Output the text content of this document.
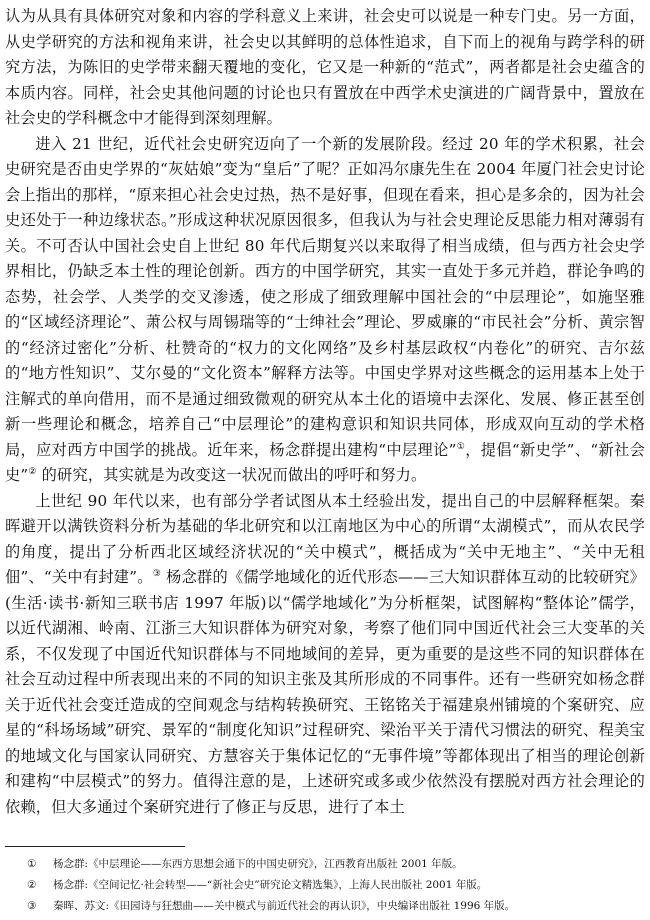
认为从具有具体研究对象和内容的学科意义上来讲，社会史可以说是一种专门史。另一方面，从史学研究的方法和视角来讲，社会史以其鲜明的总体性追求，自下而上的视角与跨学科的研究方法，为陈旧的史学带来翻天覆地的变化，它又是一种新的“范式”，两者都是社会史蕴含的本质内容。同样，社会史其他问题的讨论也只有置放在中西学术史演进的广阔背景中，置放在社会史的学科概念中才能得到深刻理解。

进入 21 世纪，近代社会史研究迈向了一个新的发展阶段。经过 20 年的学术积累，社会史研究是否由史学界的“灰姑娘”变为“皇后”了呢？正如冯尔康先生在 2004 年厦门社会史讨论会上指出的那样，“原来担心社会史过热，热不是好事，但现在看来，担心是多余的，因为社会史还处于一种边缘状态。”形成这种状况原因很多，但我认为与社会史理论反思能力相对薄弱有关。不可否认中国社会史自上世纪 80 年代后期复兴以来取得了相当成绩，但与西方社会史学界相比，仍缺乏本土性的理论创新。西方的中国学研究，其实一直处于多元并趋，群论争鸣的态势，社会学、人类学的交叉渗透，使之形成了细致理解中国社会的“中层理论”，如施坚雅的“区域经济理论”、萧公权与周锡瑞等的“士绅社会”理论、罗威廉的“市民社会”分析、黄宗智的“经济过密化”分析、杜赞奇的“权力的文化网络”及乡村基层政权“内卷化”的研究、吉尔兹的“地方性知识”、艾尔曼的“文化资本”解释方法等。中国史学界对这些概念的运用基本上处于注解式的单向借用，而不是通过细致微观的研究从本土化的语境中去深化、发展、修正甚至创新一些理论和概念，培养自己“中层理论”的建构意识和知识共同体，形成双向互动的学术格局，应对西方中国学的挑战。近年来，杨念群提出建构“中层理论”①，提倡“新史学”、“新社会史”② 的研究，其实就是为改变这一状况而做出的呼吁和努力。

上世纪 90 年代以来，也有部分学者试图从本土经验出发，提出自己的中层解释框架。秦晖避开以满铁资料分析为基础的华北研究和以江南地区为中心的所谓“太湖模式”，而从农民学的角度，提出了分析西北区域经济状况的“关中模式”，概括成为“关中无地主”、“关中无租佃”、“关中有封建”。③ 杨念群的《儒学地域化的近代形态——三大知识群体互动的比较研究》(生活·读书·新知三联书店 1997 年版)以“儒学地域化”为分析框架，试图解构“整体论”儒学，以近代湖湘、岭南、江浙三大知识群体为研究对象，考察了他们同中国近代社会三大变革的关系，不仅发现了中国近代知识群体与不同地域间的差异，更为重要的是这些不同的知识群体在社会互动过程中所表现出来的不同的知识主张及其所形成的不同事件。还有一些研究如杨念群关于近代社会变迁造成的空间观念与结构转换研究、王铭铭关于福建泉州铺境的个案研究、应星的“科场场域”研究、景军的“制度化知识”过程研究、梁治平关于清代习惯法的研究、程美宝的地域文化与国家认同研究、方慧容关于集体记忆的“无事件境”等都体现出了相当的理论创新和建构“中层模式”的努力。值得注意的是，上述研究或多或少依然没有摆脱对西方社会理论的依赖，但大多通过个案研究进行了修正与反思，进行了本土

① 杨念群:《中层理论——东西方思想会通下的中国史研究》，江西教育出版社 2001 年版。
② 杨念群:《空间记忆·社会转型——“新社会史”研究论文精选集》，上海人民出版社 2001 年版。
③ 秦晖、苏文:《田园诗与狂想曲——关中模式与前近代社会的再认识》，中央编译出版社 1996 年版。
